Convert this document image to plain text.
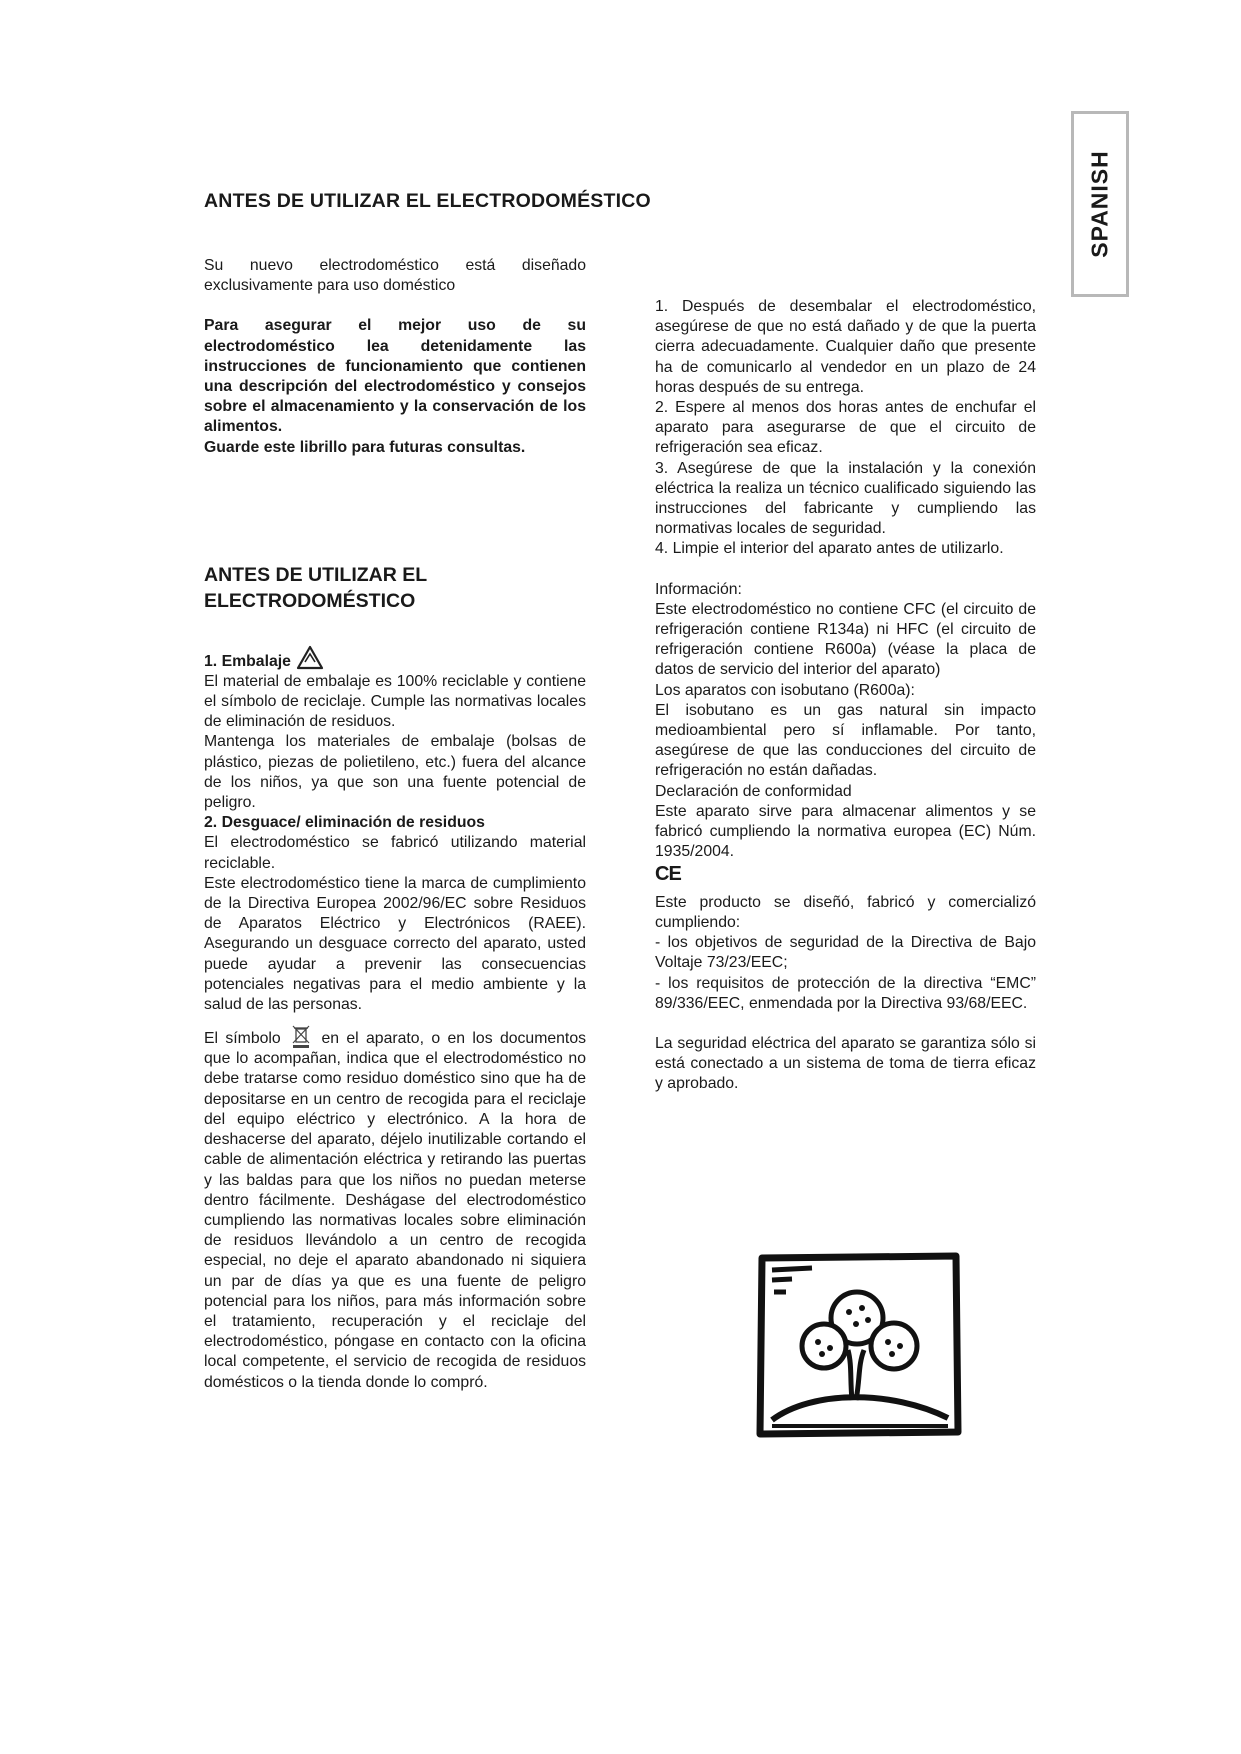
ANTES DE UTILIZAR EL ELECTRODOMÉSTICO	SPANISH

Su nuevo electrodoméstico está diseñado exclusivamente para uso doméstico

Para asegurar el mejor uso de su electrodoméstico lea detenidamente las instrucciones de funcionamiento que contienen una descripción del electrodoméstico y consejos sobre el almacenamiento y la conservación de los alimentos.

Guarde este librillo para futuras consultas.

ANTES DE UTILIZAR EL
ELECTRODOMÉSTICO

1. Embalaje

El material de embalaje es 100% reciclable y contiene el símbolo de reciclaje. Cumple las normativas locales de eliminación de residuos.

Mantenga los materiales de embalaje (bolsas de plástico, piezas de polietileno, etc.) fuera del alcance de los niños, ya que son una fuente potencial de peligro.

2. Desguace/ eliminación de residuos

El electrodoméstico se fabricó utilizando material reciclable.

Este electrodoméstico tiene la marca de cumplimiento de la Directiva Europea 2002/96/EC sobre Residuos de Aparatos Eléctrico y Electrónicos (RAEE). Asegurando un desguace correcto del aparato, usted puede ayudar a prevenir las consecuencias potenciales negativas para el medio ambiente y la salud de las personas.

El símbolo	en el aparato, o en los documentos que lo acompañan, indica que el electrodoméstico no debe tratarse como residuo doméstico sino que ha de depositarse en un centro de recogida para el reciclaje del equipo eléctrico y electrónico. A la hora de deshacerse del aparato, déjelo inutilizable cortando el cable de alimentación eléctrica y retirando las puertas y las baldas para que los niños no puedan meterse dentro fácilmente. Deshágase del electrodoméstico cumpliendo las normativas locales sobre eliminación de residuos llevándolo a un centro de recogida especial, no deje el aparato abandonado ni siquiera un par de días ya que es una fuente de peligro potencial para los niños, para más información sobre el tratamiento, recuperación y el reciclaje del electrodoméstico, póngase en contacto con la oficina local competente, el servicio de recogida de residuos domésticos o la tienda donde lo compró.

1. Después de desembalar el electrodoméstico, asegúrese de que no está dañado y de que la puerta cierra adecuadamente. Cualquier daño que presente ha de comunicarlo al vendedor en un plazo de 24 horas después de su entrega.

2. Espere al menos dos horas antes de enchufar el aparato para asegurarse de que el circuito de refrigeración sea eficaz.

3. Asegúrese de que la instalación y la conexión eléctrica la realiza un técnico cualificado siguiendo las instrucciones del fabricante y cumpliendo las normativas locales de seguridad.

4. Limpie el interior del aparato antes de utilizarlo.

Información:

Este electrodoméstico no contiene CFC (el circuito de refrigeración contiene R134a) ni HFC (el circuito de refrigeración contiene R600a) (véase la placa de datos de servicio del interior del aparato)

Los aparatos con isobutano (R600a):

El isobutano es un gas natural sin impacto medioambiental pero sí inflamable. Por tanto, asegúrese de que las conducciones del circuito de refrigeración no están dañadas.

Declaración de conformidad

Este aparato sirve para almacenar alimentos y se fabricó cumpliendo la normativa europea (EC) Núm. 1935/2004.

CE

Este producto se diseñó, fabricó y comercializó cumpliendo:

- los objetivos de seguridad de la Directiva de Bajo Voltaje 73/23/EEC;

- los requisitos de protección de la directiva “EMC” 89/336/EEC, enmendada por la Directiva 93/68/EEC.

La seguridad eléctrica del aparato se garantiza sólo si está conectado a un sistema de toma de tierra eficaz y aprobado.
